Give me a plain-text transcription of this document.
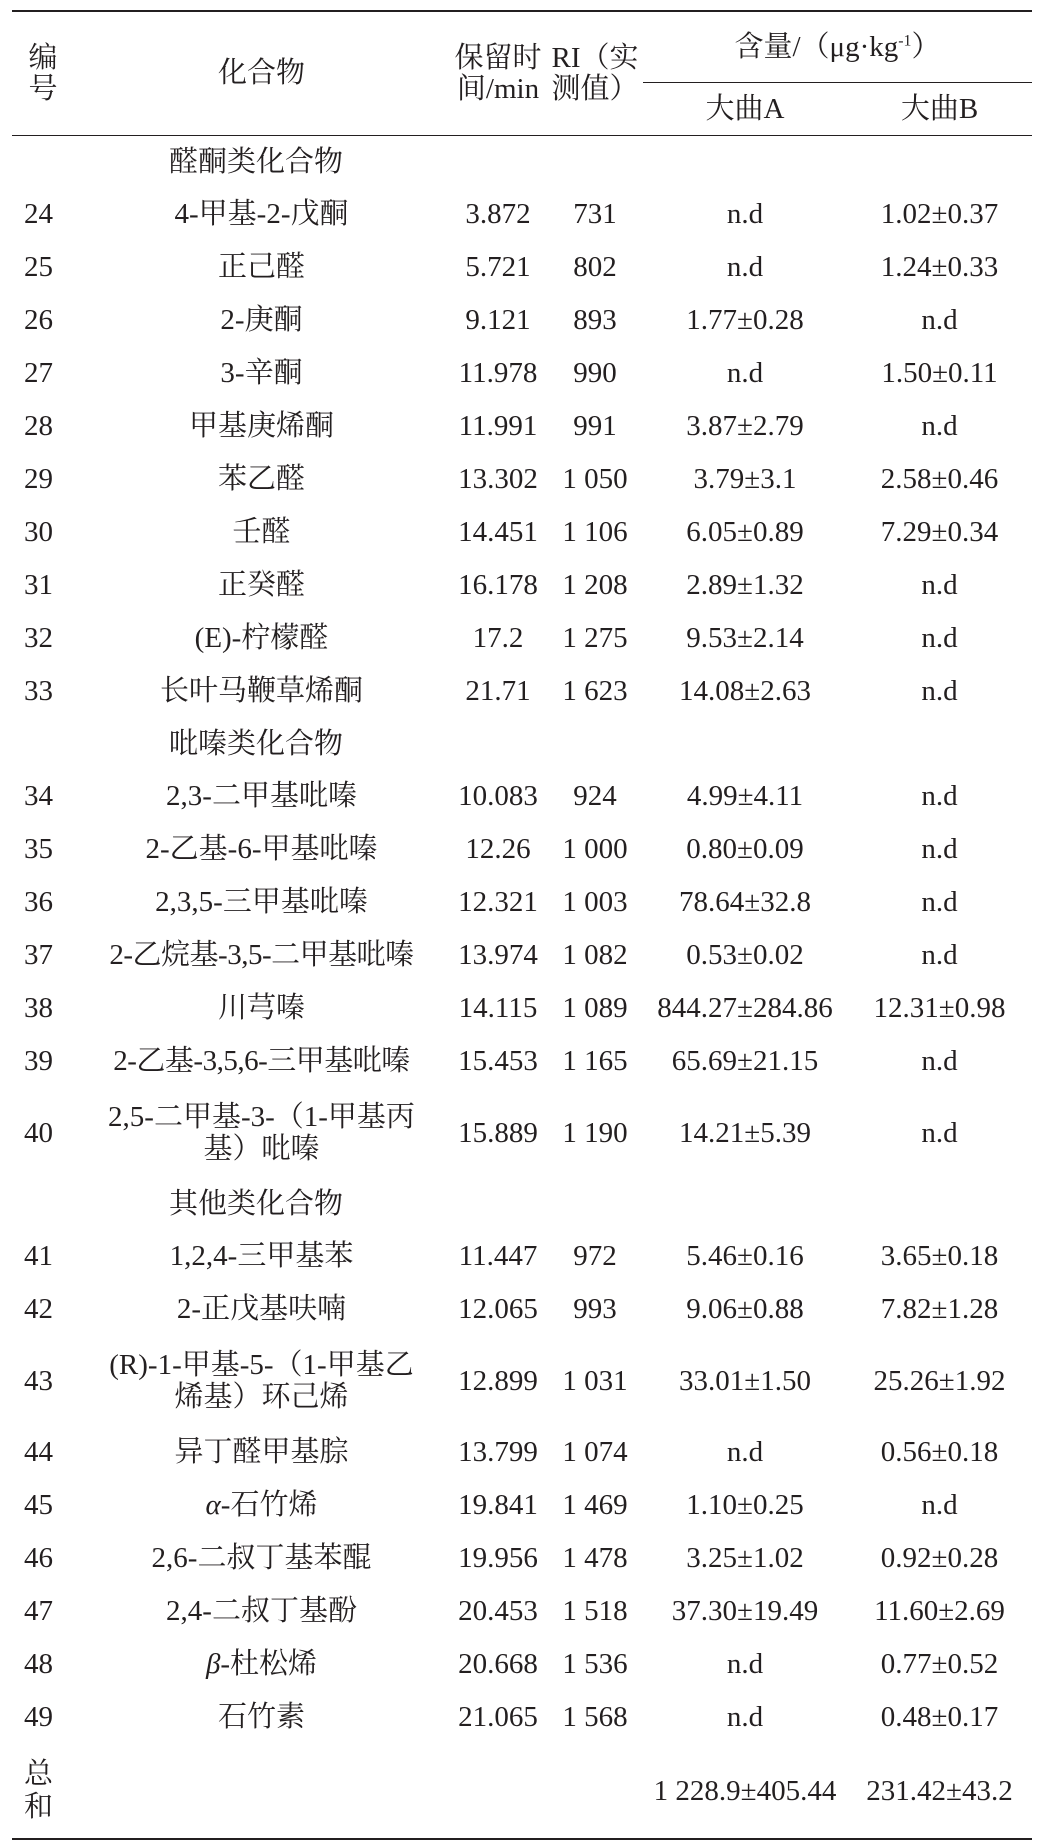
编号	化合物	保留时间/min	RI（实测值）	含量$/(\mu g\cdot kg^{-1})$	
				大曲A	大曲B
	醛酮类化合物				
24	4-甲基-2-戊酮	3.872	731	n.d	1.02±0.37
25	正己醛	5.721	802	n.d	1.24±0.33
26	2-庚酮	9.121	893	1.77±0.28	n.d
27	3-辛酮	11.978	990	n.d	1.50±0.11
28	甲基庚烯酮	11.991	991	3.87±2.79	n.d
29	苯乙醛	13.302	1 050	3.79±3.1	2.58±0.46
30	壬醛	14.451	1 106	6.05±0.89	7.29±0.34
31	正癸醛	16.178	1 208	2.89±1.32	n.d
32	(E)-柠檬醛	17.2	1 275	9.53±2.14	n.d
33	长叶马鞭草烯酮	21.71	1 623	14.08±2.63	n.d
	吡嗪类化合物				
34	2,3-二甲基吡嗪	10.083	924	4.99±4.11	n.d
35	2-乙基-6-甲基吡嗪	12.26	1 000	0.80±0.09	n.d
36	2,3,5-三甲基吡嗪	12.321	1 003	78.64±32.8	n.d
37	2-乙烷基-3,5-二甲基吡嗪	13.974	1 082	0.53±0.02	n.d
38	川芎嗪	14.115	1 089	844.27±284.86	12.31±0.98
39	2-乙基-3,5,6-三甲基吡嗪	15.453	1 165	65.69±21.15	n.d
40	2,5-二甲基-3-（1-甲基丙基）吡嗪	15.889	1 190	14.21±5.39	n.d
	其他类化合物				
41	1,2,4-三甲基苯	11.447	972	5.46±0.16	3.65±0.18
42	2-正戊基呋喃	12.065	993	9.06±0.88	7.82±1.28
43	(R)-1-甲基-5-（1-甲基乙烯基）环己烯	12.899	1 031	33.01±1.50	25.26±1.92
44	异丁醛甲基腙	13.799	1 074	n.d	0.56±0.18
45	α-石竹烯	19.841	1 469	1.10±0.25	n.d
46	2,6-二叔丁基苯醌	19.956	1 478	3.25±1.02	0.92±0.28
47	2,4-二叔丁基酚	20.453	1 518	37.30±19.49	11.60±2.69
48	β-杜松烯	20.668	1 536	n.d	0.77±0.52
49	石竹素	21.065	1 568	n.d	0.48±0.17

总和				1 228.9±405.44	231.42±43.2
